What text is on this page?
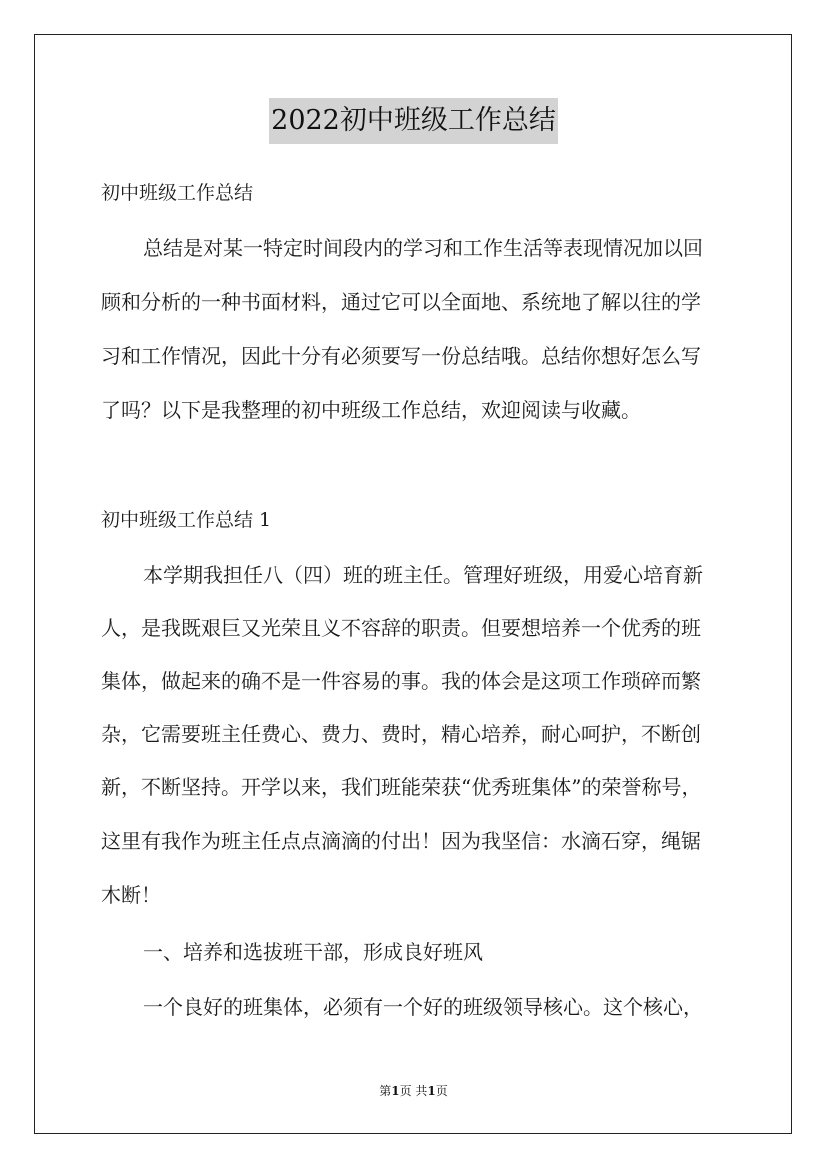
2022初中班级工作总结
初中班级工作总结
总结是对某一特定时间段内的学习和工作生活等表现情况加以回
顾和分析的一种书面材料，通过它可以全面地、系统地了解以往的学
习和工作情况，因此十分有必须要写一份总结哦。总结你想好怎么写
了吗？以下是我整理的初中班级工作总结，欢迎阅读与收藏。
初中班级工作总结 1
本学期我担任八（四）班的班主任。管理好班级，用爱心培育新
人，是我既艰巨又光荣且义不容辞的职责。但要想培养一个优秀的班
集体，做起来的确不是一件容易的事。我的体会是这项工作琐碎而繁
杂，它需要班主任费心、费力、费时，精心培养，耐心呵护，不断创
新，不断坚持。开学以来，我们班能荣获“优秀班集体”的荣誉称号，
这里有我作为班主任点点滴滴的付出！因为我坚信：水滴石穿，绳锯
木断！
一、培养和选拔班干部，形成良好班风
一个良好的班集体，必须有一个好的班级领导核心。这个核心，
第1页 共1页
